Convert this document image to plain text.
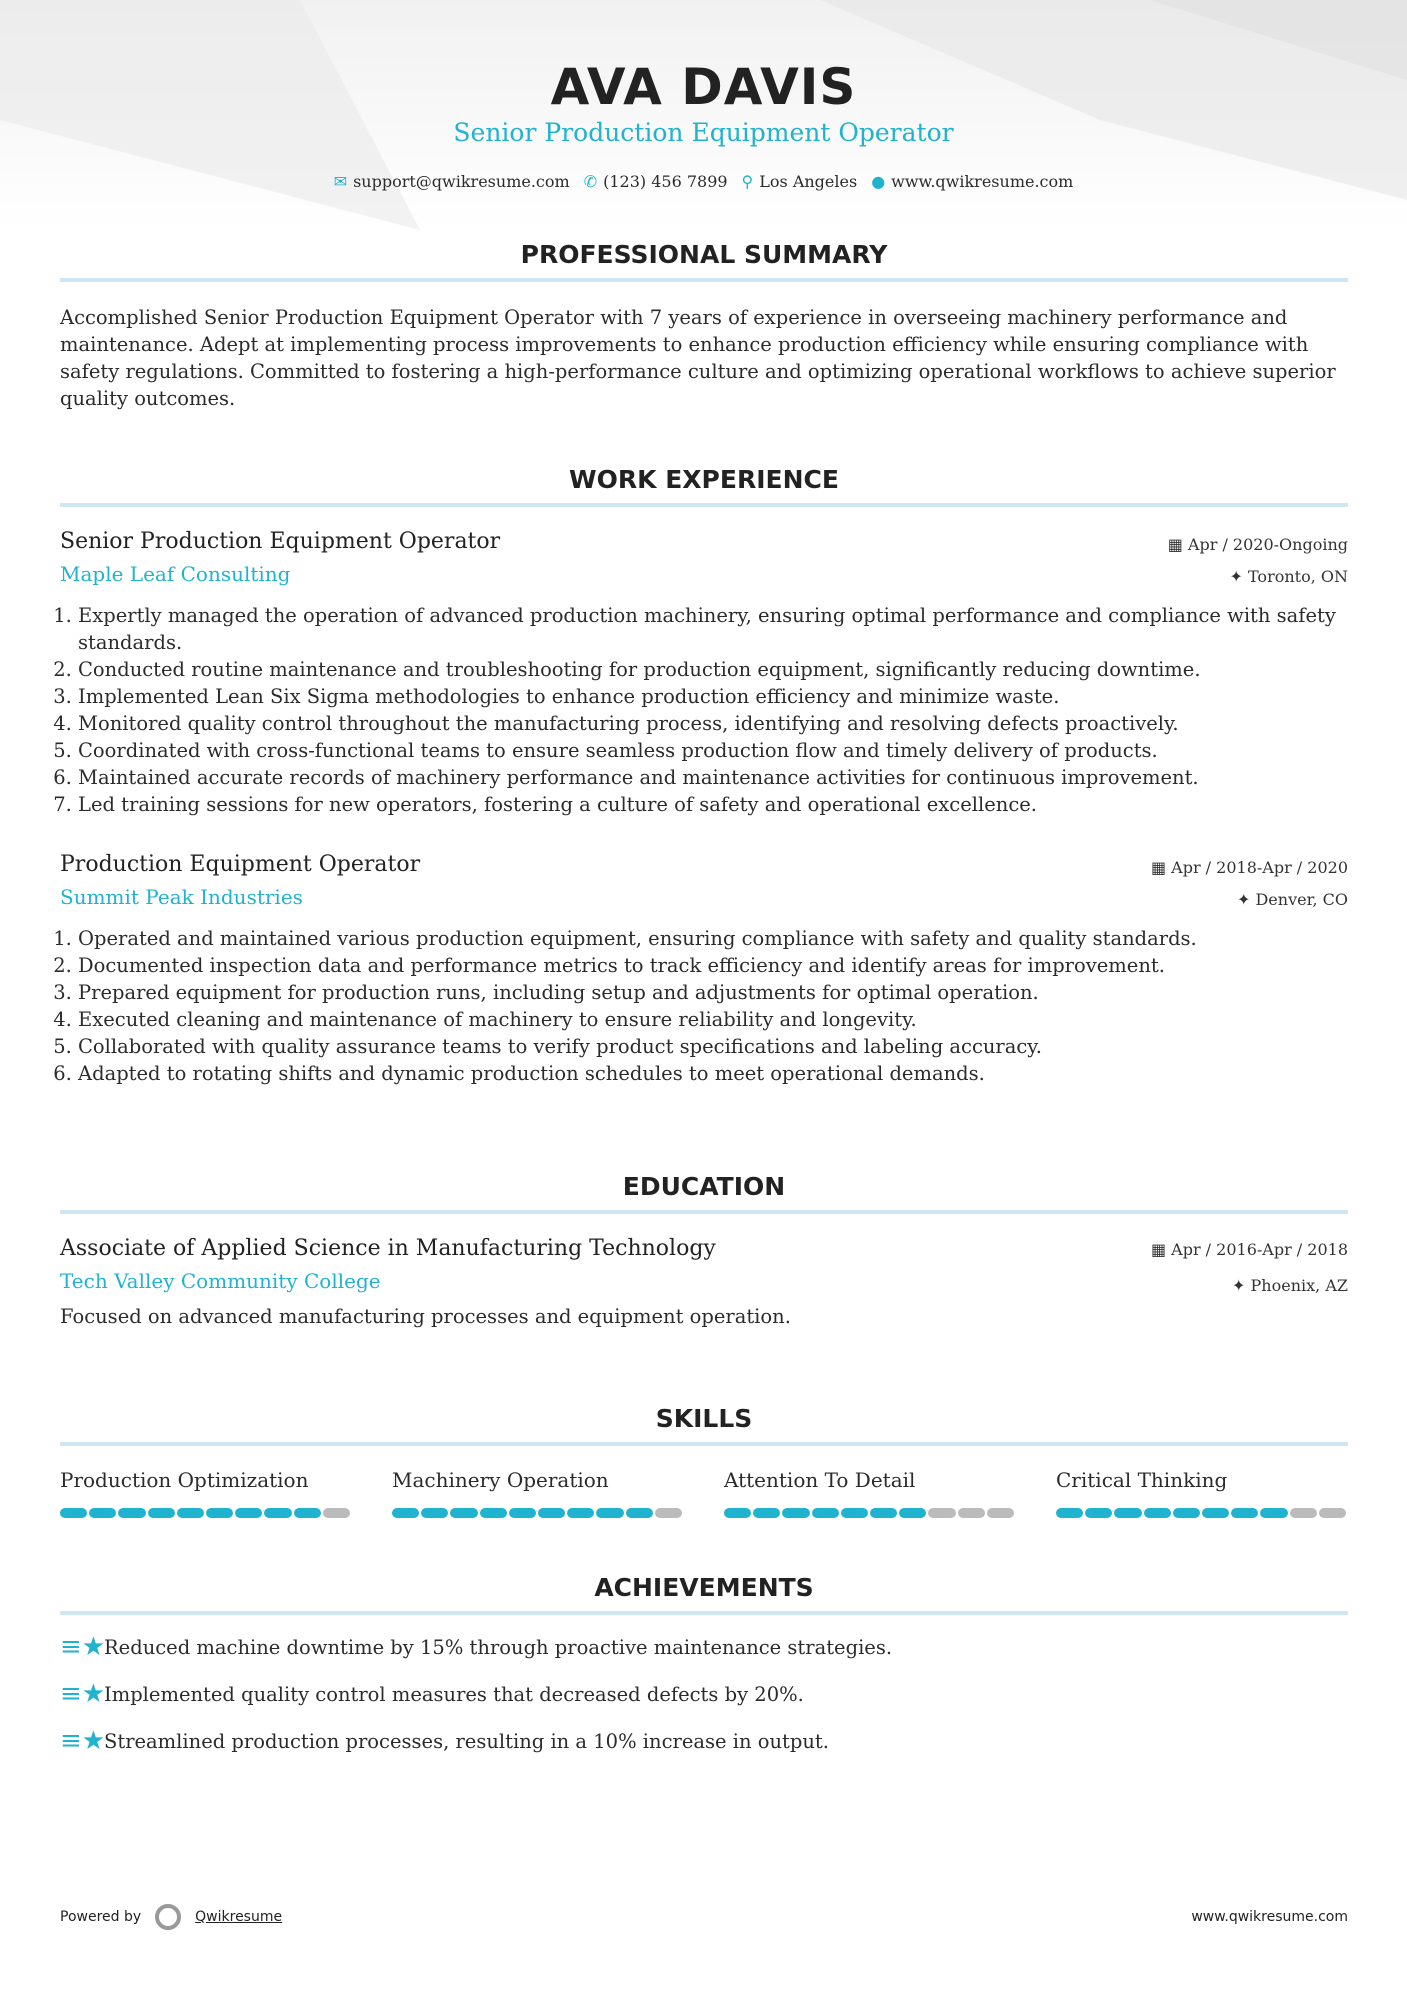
AVA DAVIS
Senior Production Equipment Operator
✉ support@qwikresume.com ✆ (123) 456 7899 ⚲ Los Angeles ● www.qwikresume.com
PROFESSIONAL SUMMARY

Accomplished Senior Production Equipment Operator with 7 years of experience in overseeing machinery performance and maintenance. Adept at implementing process improvements to enhance production efficiency while ensuring compliance with safety regulations. Committed to fostering a high-performance culture and optimizing operational workflows to achieve superior quality outcomes.

WORK EXPERIENCE
Senior Production Equipment Operator
Maple Leaf Consulting
▦ Apr / 2020-Ongoing
✦ Toronto, ON
1. Expertly managed the operation of advanced production machinery, ensuring optimal performance and compliance with safety standards.
2. Conducted routine maintenance and troubleshooting for production equipment, significantly reducing downtime.
3. Implemented Lean Six Sigma methodologies to enhance production efficiency and minimize waste.
4. Monitored quality control throughout the manufacturing process, identifying and resolving defects proactively.
5. Coordinated with cross-functional teams to ensure seamless production flow and timely delivery of products.
6. Maintained accurate records of machinery performance and maintenance activities for continuous improvement.
7. Led training sessions for new operators, fostering a culture of safety and operational excellence.
Production Equipment Operator
Summit Peak Industries
▦ Apr / 2018-Apr / 2020
✦ Denver, CO
1. Operated and maintained various production equipment, ensuring compliance with safety and quality standards.
2. Documented inspection data and performance metrics to track efficiency and identify areas for improvement.
3. Prepared equipment for production runs, including setup and adjustments for optimal operation.
4. Executed cleaning and maintenance of machinery to ensure reliability and longevity.
5. Collaborated with quality assurance teams to verify product specifications and labeling accuracy.
6. Adapted to rotating shifts and dynamic production schedules to meet operational demands.
EDUCATION
Associate of Applied Science in Manufacturing Technology
Tech Valley Community College
▦ Apr / 2016-Apr / 2018
✦ Phoenix, AZ

Focused on advanced manufacturing processes and equipment operation.

SKILLS
Production Optimization	Machinery Operation	Attention To Detail	Critical Thinking
ACHIEVEMENTS
≡★
Reduced machine downtime by 15% through proactive maintenance strategies.
≡★
Implemented quality control measures that decreased defects by 20%.
≡★
Streamlined production processes, resulting in a 10% increase in output.
Powered by	Qwikresume	www.qwikresume.com
